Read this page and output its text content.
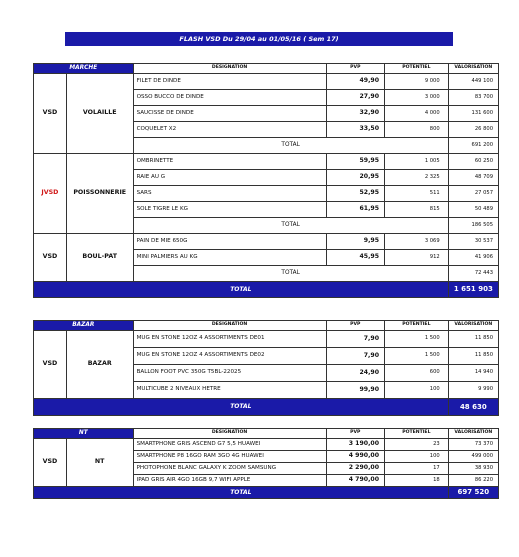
FLASH VSD Du 29/04 au 01/05/16 ( Sem 17)
MARCHE		DESIGNATION	PVP	POTENTIEL	VALORISATION
VSD	VOLAILLE	FILET DE DINDE	49,90	9 000	449 100
		OSSO BUCCO DE DINDE	27,90	3 000	83 700
		SAUCISSE DE DINDE	32,90	4 000	131 600
		COQUELET X2	33,50	800	26 800
		TOTAL			691 200
JVSD	POISSONNERIE	OMBRINETTE	59,95	1 005	60 250
		RAIE AU G	20,95	2 325	48 709
		SARS	52,95	511	27 057
		SOLE TIGRE LE KG	61,95	815	50 489
		TOTAL			186 505
VSD	BOUL-PAT	PAIN DE MIE 650G	9,95	3 069	30 537
		MINI PALMIERS AU KG	45,95	912	41 906
		TOTAL			72 443
TOTAL					1 651 903
BAZAR		DESIGNATION	PVP	POTENTIEL	VALORISATION
VSD	BAZAR	MUG EN STONE 12OZ 4 ASSORTIMENTS DE01	7,90	1 500	11 850
		MUG EN STONE 12OZ 4 ASSORTIMENTS DE02	7,90	1 500	11 850
		BALLON FOOT PVC 350G T5BL-22025	24,90	600	14 940
		MULTICUBE 2 NIVEAUX HETRE	99,90	100	9 990
TOTAL					48 630
NT		DESIGNATION	PVP	POTENTIEL	VALORISATION
VSD	NT	SMARTPHONE GRIS ASCEND G7 5,5 HUAWEI	3 190,00	23	73 370
		SMARTPHONE P8 16GO RAM 3GO 4G HUAWEI	4 990,00	100	499 000
		PHOTOPHONE BLANC GALAXY K ZOOM SAMSUNG	2 290,00	17	38 930
		IPAD GRIS AIR 4GO 16GB 9,7 WIFI APPLE	4 790,00	18	86 220
TOTAL					697 520
